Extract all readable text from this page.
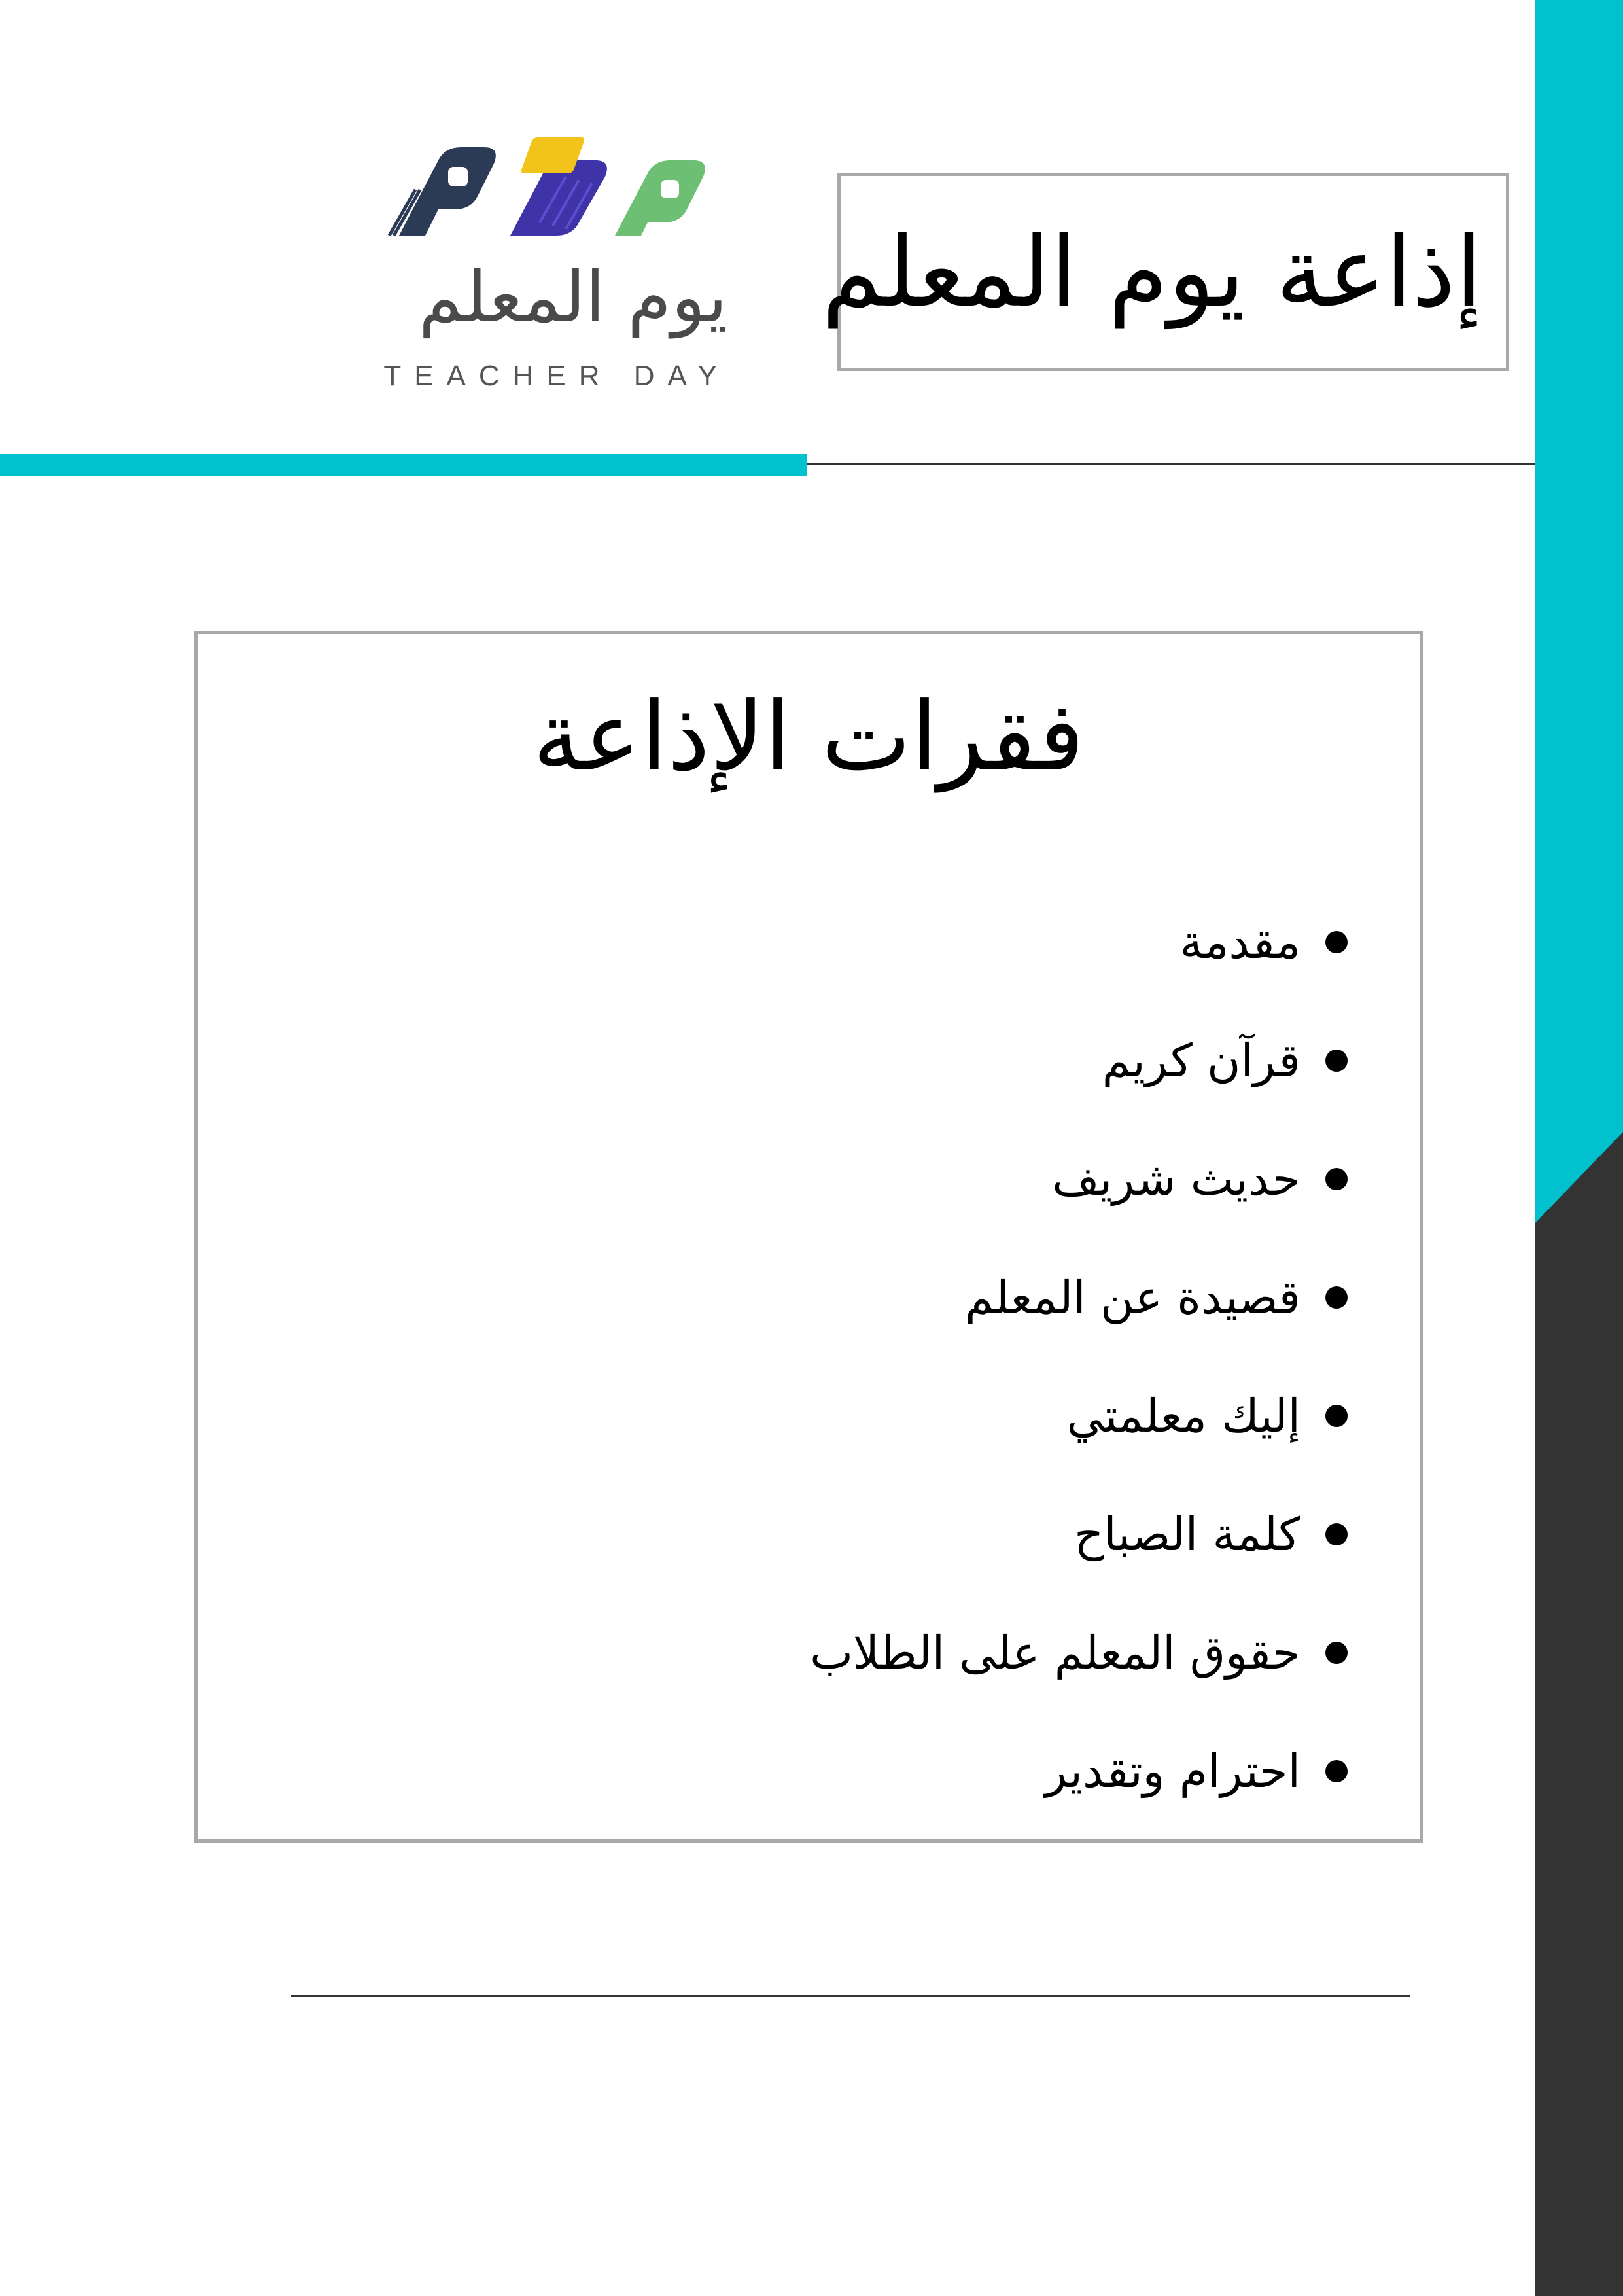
يوم المعلم
TEACHER DAY
إذاعة يوم المعلم
فقرات الإذاعة
مقدمة
قرآن كريم
حديث شريف
قصيدة عن المعلم
إليك معلمتي
كلمة الصباح
حقوق المعلم على الطلاب
احترام وتقدير
